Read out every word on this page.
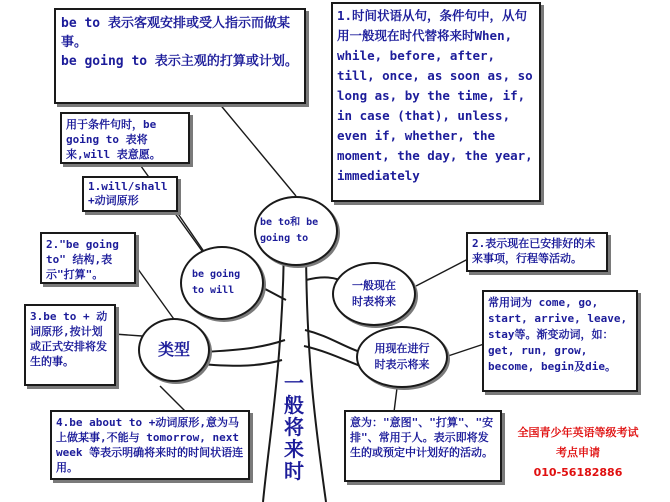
be to 表示客观安排或受人指示而做某事。

be going to 表示主观的打算或计划。

1.时间状语从句，条件句中，从句用一般现在时代替将来时When, while, before, after, till, once, as soon as, so long as, by the time, if, in case (that), unless, even if, whether, the moment, the day, the year, immediately

用于条件句时，be going to 表将来,will 表意愿。

1.will/shall +动词原形

2."be going to" 结构,表示"打算"。

3.be to + 动词原形,按计划或正式安排将发生的事。

4.be about to +动词原形,意为马上做某事,不能与 tomorrow, next week 等表示明确将来时的时间状语连用。

2.表示现在已安排好的未来事项，行程等活动。

常用词为 come, go, start, arrive, leave, stay等。渐变动词，如：get, run, grow, become, begin及die。

意为："意图"、"打算"、"安排"、常用于人。表示即将发生的或预定中计划好的活动。

be to和 be going to
be going to will	一般现在时表将来
用现在进行时表示将来
类型
一般将来时
全国青少年英语等级考试
考点申请
010-56182886
